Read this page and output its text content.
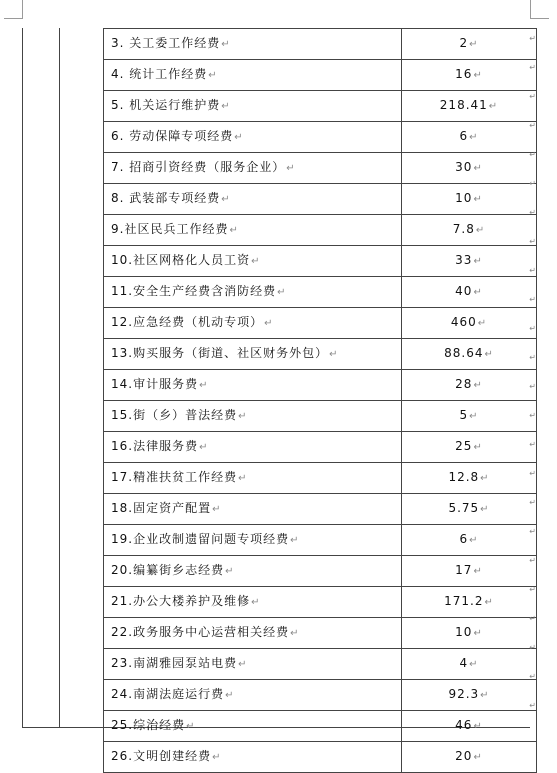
3. 关工委工作经费↵	2↵
4. 统计工作经费↵	16↵
5. 机关运行维护费↵	218.41↵
6. 劳动保障专项经费↵	6↵
7. 招商引资经费（服务企业）↵	30↵
8. 武装部专项经费↵	10↵
9.社区民兵工作经费↵	7.8↵
10.社区网格化人员工资↵	33↵
11.安全生产经费含消防经费↵	40↵
12.应急经费（机动专项）↵	460↵
13.购买服务（街道、社区财务外包）↵	88.64↵
14.审计服务费↵	28↵
15.街（乡）普法经费↵	5↵
16.法律服务费↵	25↵
17.精准扶贫工作经费↵	12.8↵
18.固定资产配置↵	5.75↵
19.企业改制遗留问题专项经费↵	6↵
20.编纂街乡志经费↵	17↵
21.办公大楼养护及维修↵	171.2↵
22.政务服务中心运营相关经费↵	10↵
23.南湖雅园泵站电费↵	4↵
24.南湖法庭运行费↵	92.3↵
25.综治经费↵	46↵
26.文明创建经费↵	20↵
↵
↵
↵
↵
↵
↵
↵
↵
↵
↵
↵
↵
↵
↵
↵
↵
↵
↵
↵
↵
↵
↵
↵
↵
